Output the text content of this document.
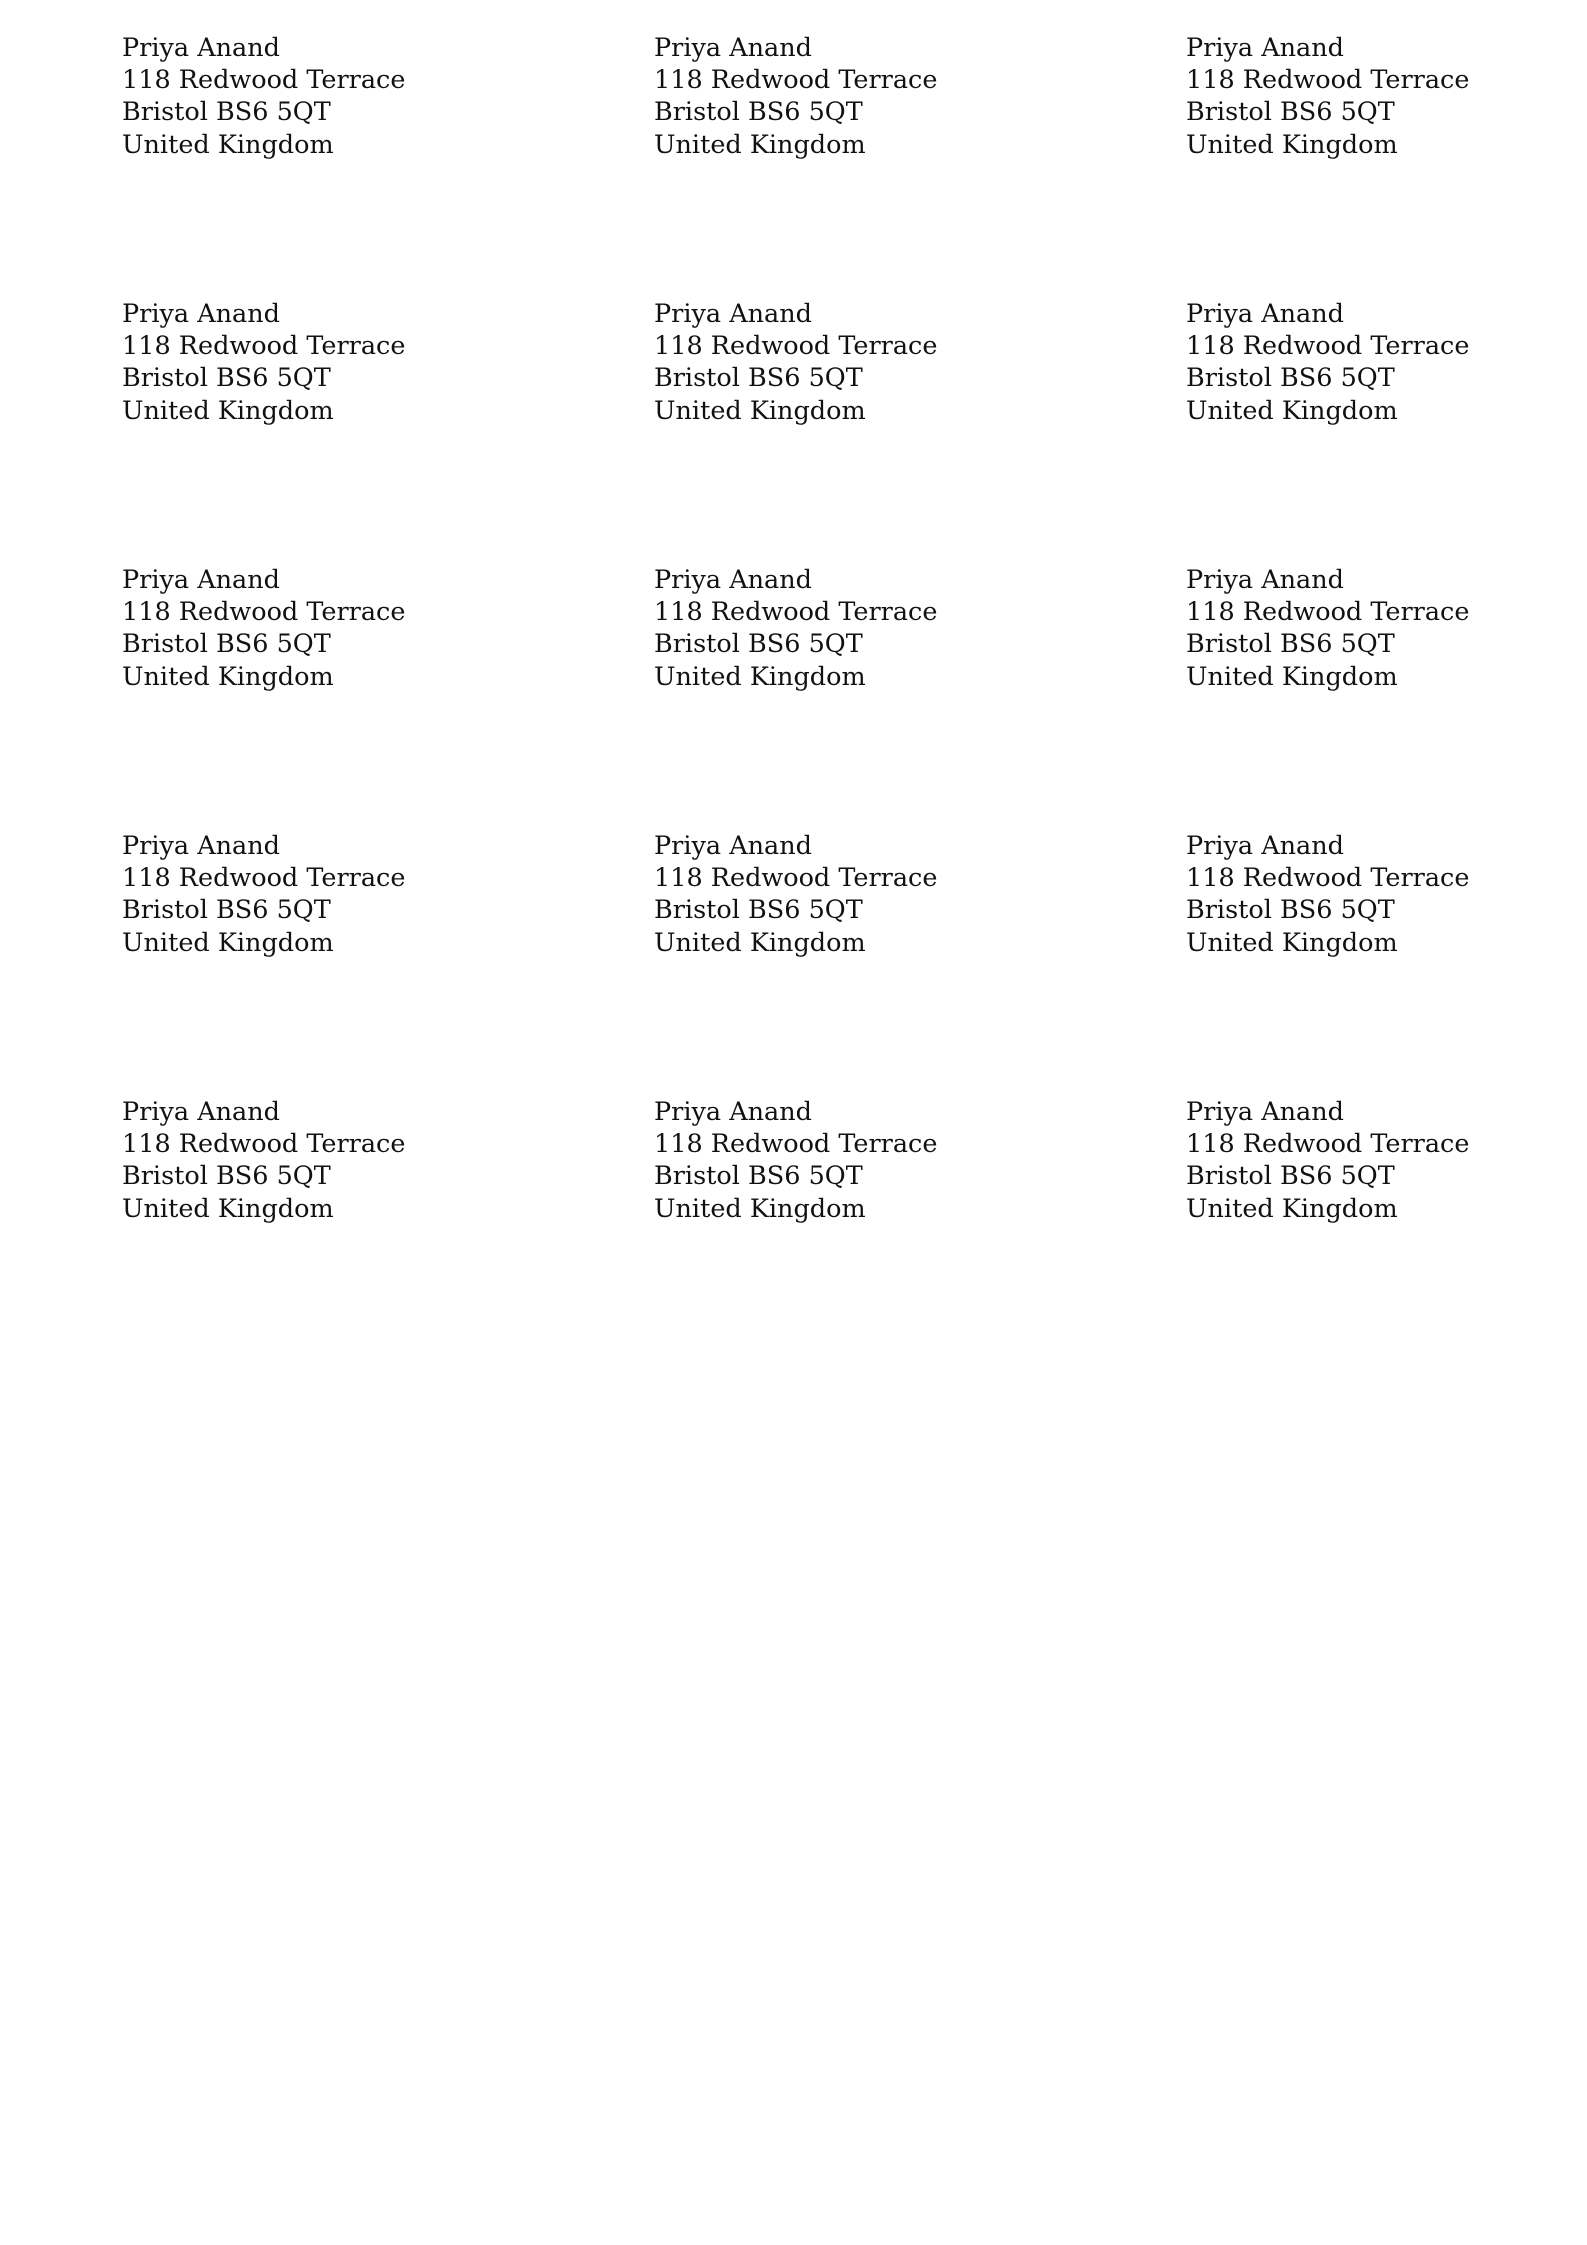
Priya Anand
118 Redwood Terrace
Bristol BS6 5QT
United Kingdom
Priya Anand
118 Redwood Terrace
Bristol BS6 5QT
United Kingdom
Priya Anand
118 Redwood Terrace
Bristol BS6 5QT
United Kingdom
Priya Anand
118 Redwood Terrace
Bristol BS6 5QT
United Kingdom
Priya Anand
118 Redwood Terrace
Bristol BS6 5QT
United Kingdom
Priya Anand
118 Redwood Terrace
Bristol BS6 5QT
United Kingdom
Priya Anand
118 Redwood Terrace
Bristol BS6 5QT
United Kingdom
Priya Anand
118 Redwood Terrace
Bristol BS6 5QT
United Kingdom
Priya Anand
118 Redwood Terrace
Bristol BS6 5QT
United Kingdom
Priya Anand
118 Redwood Terrace
Bristol BS6 5QT
United Kingdom
Priya Anand
118 Redwood Terrace
Bristol BS6 5QT
United Kingdom
Priya Anand
118 Redwood Terrace
Bristol BS6 5QT
United Kingdom
Priya Anand
118 Redwood Terrace
Bristol BS6 5QT
United Kingdom
Priya Anand
118 Redwood Terrace
Bristol BS6 5QT
United Kingdom
Priya Anand
118 Redwood Terrace
Bristol BS6 5QT
United Kingdom
